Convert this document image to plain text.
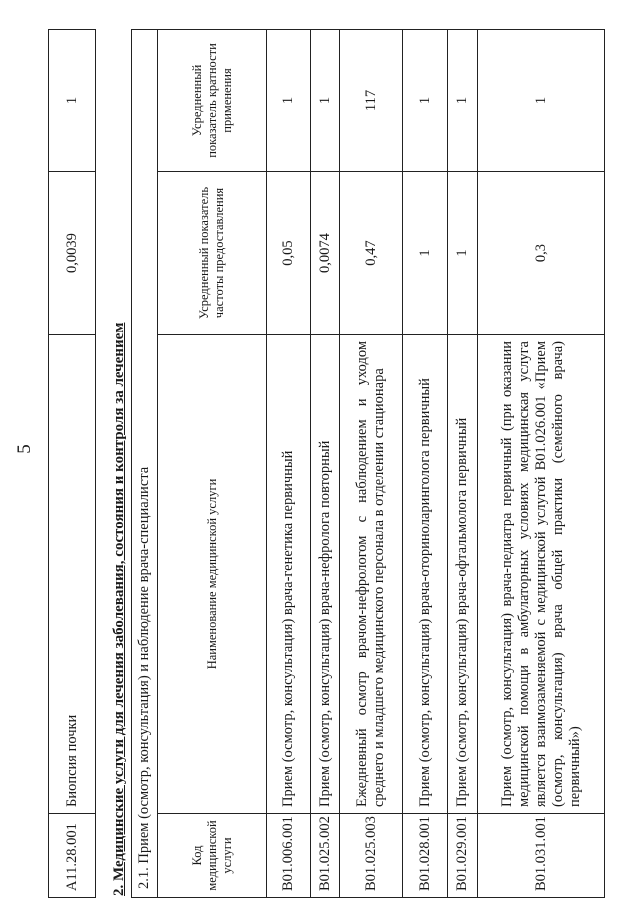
5
A11.28.001	Биопсия почки	0,0039	1
2. Медицинские услуги для лечения заболевания, состояния и контроля за лечением 2.1. Прием (осмотр, консультация) и наблюдение врача-специалиста			
Код медицинской услуги	Наименование медицинской услуги	Усредненный показатель частоты предоставления	Усредненный показатель кратности применения
B01.006.001	Прием (осмотр, консультация) врача-генетика первичный	0,05	1
B01.025.002	Прием (осмотр, консультация) врача-нефролога повторный	0,0074	1
B01.025.003	Ежедневный осмотр врачом-нефрологом с наблюдением и уходом среднего и младшего медицинского персонала в отделении стационара	0,47	117
B01.028.001	Прием (осмотр, консультация) врача-оториноларинголога первичный	1	1
B01.029.001	Прием (осмотр, консультация) врача-офтальмолога первичный	1	1
B01.031.001	Прием (осмотр, консультация) врача-педиатра первичный (при оказании медицинской помощи в амбулаторных условиях медицинская услуга является взаимозаменяемой с медицинской услугой B01.026.001 «Прием (осмотр, консультация) врача общей практики (семейного врача) первичный»)	0,3	1
